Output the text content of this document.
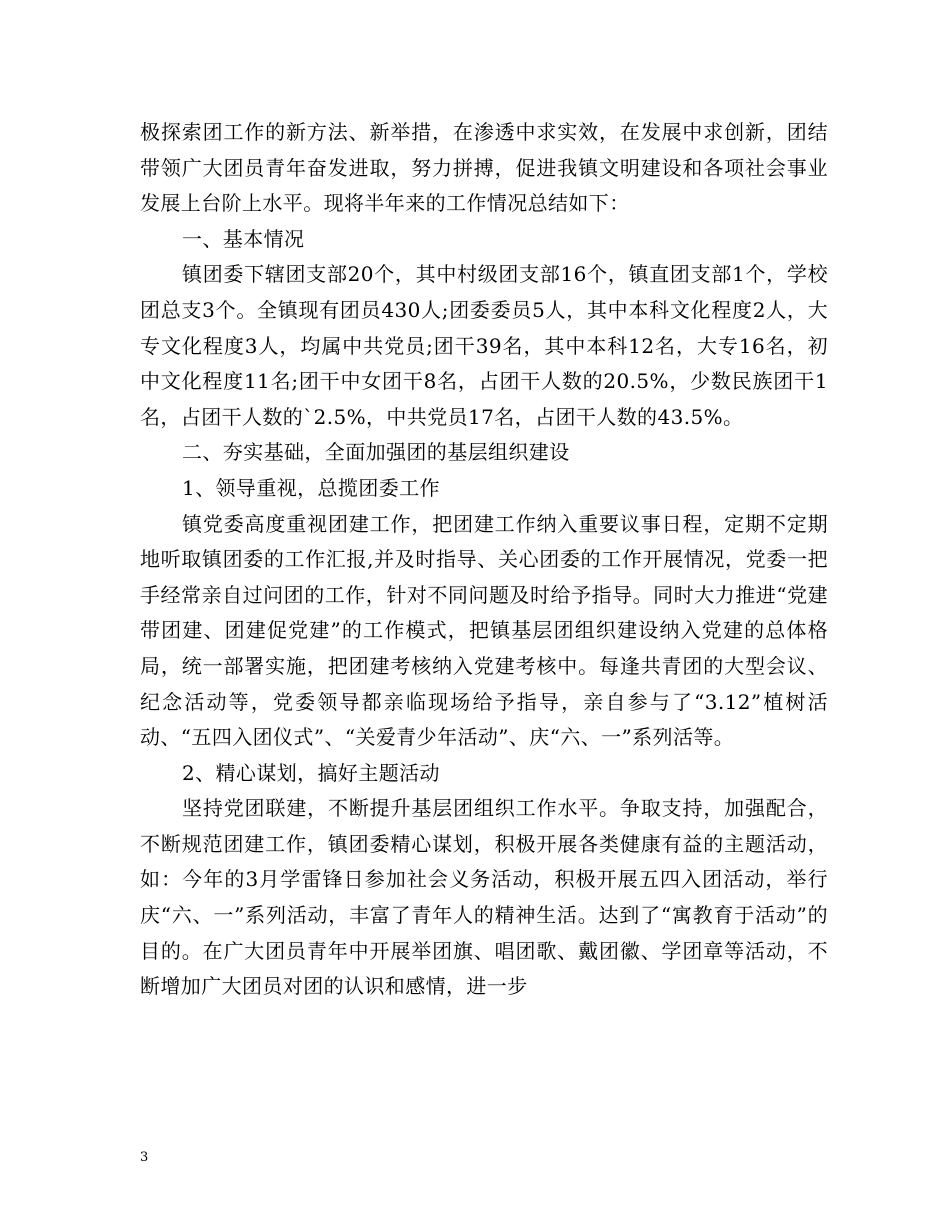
极探索团工作的新方法、新举措，在渗透中求实效，在发展中求创新，团结带领广大团员青年奋发进取，努力拼搏，促进我镇文明建设和各项社会事业发展上台阶上水平。现将半年来的工作情况总结如下：

一、基本情况

镇团委下辖团支部20个，其中村级团支部16个，镇直团支部1个，学校团总支3个。全镇现有团员430人;团委委员5人，其中本科文化程度2人，大专文化程度3人，均属中共党员;团干39名，其中本科12名，大专16名，初中文化程度11名;团干中女团干8名，占团干人数的20.5%，少数民族团干1名，占团干人数的`2.5%，中共党员17名，占团干人数的43.5%。

二、夯实基础，全面加强团的基层组织建设

1、领导重视，总揽团委工作

镇党委高度重视团建工作，把团建工作纳入重要议事日程，定期不定期地听取镇团委的工作汇报,并及时指导、关心团委的工作开展情况，党委一把手经常亲自过问团的工作，针对不同问题及时给予指导。同时大力推进“党建带团建、团建促党建”的工作模式，把镇基层团组织建设纳入党建的总体格局，统一部署实施，把团建考核纳入党建考核中。每逢共青团的大型会议、纪念活动等，党委领导都亲临现场给予指导，亲自参与了“3.12”植树活动、“五四入团仪式”、“关爱青少年活动”、庆“六、一”系列活等。

2、精心谋划，搞好主题活动

坚持党团联建，不断提升基层团组织工作水平。争取支持，加强配合，不断规范团建工作，镇团委精心谋划，积极开展各类健康有益的主题活动，如：今年的3月学雷锋日参加社会义务活动，积极开展五四入团活动，举行庆“六、一”系列活动，丰富了青年人的精神生活。达到了“寓教育于活动”的目的。在广大团员青年中开展举团旗、唱团歌、戴团徽、学团章等活动，不断增加广大团员对团的认识和感情，进一步

3
